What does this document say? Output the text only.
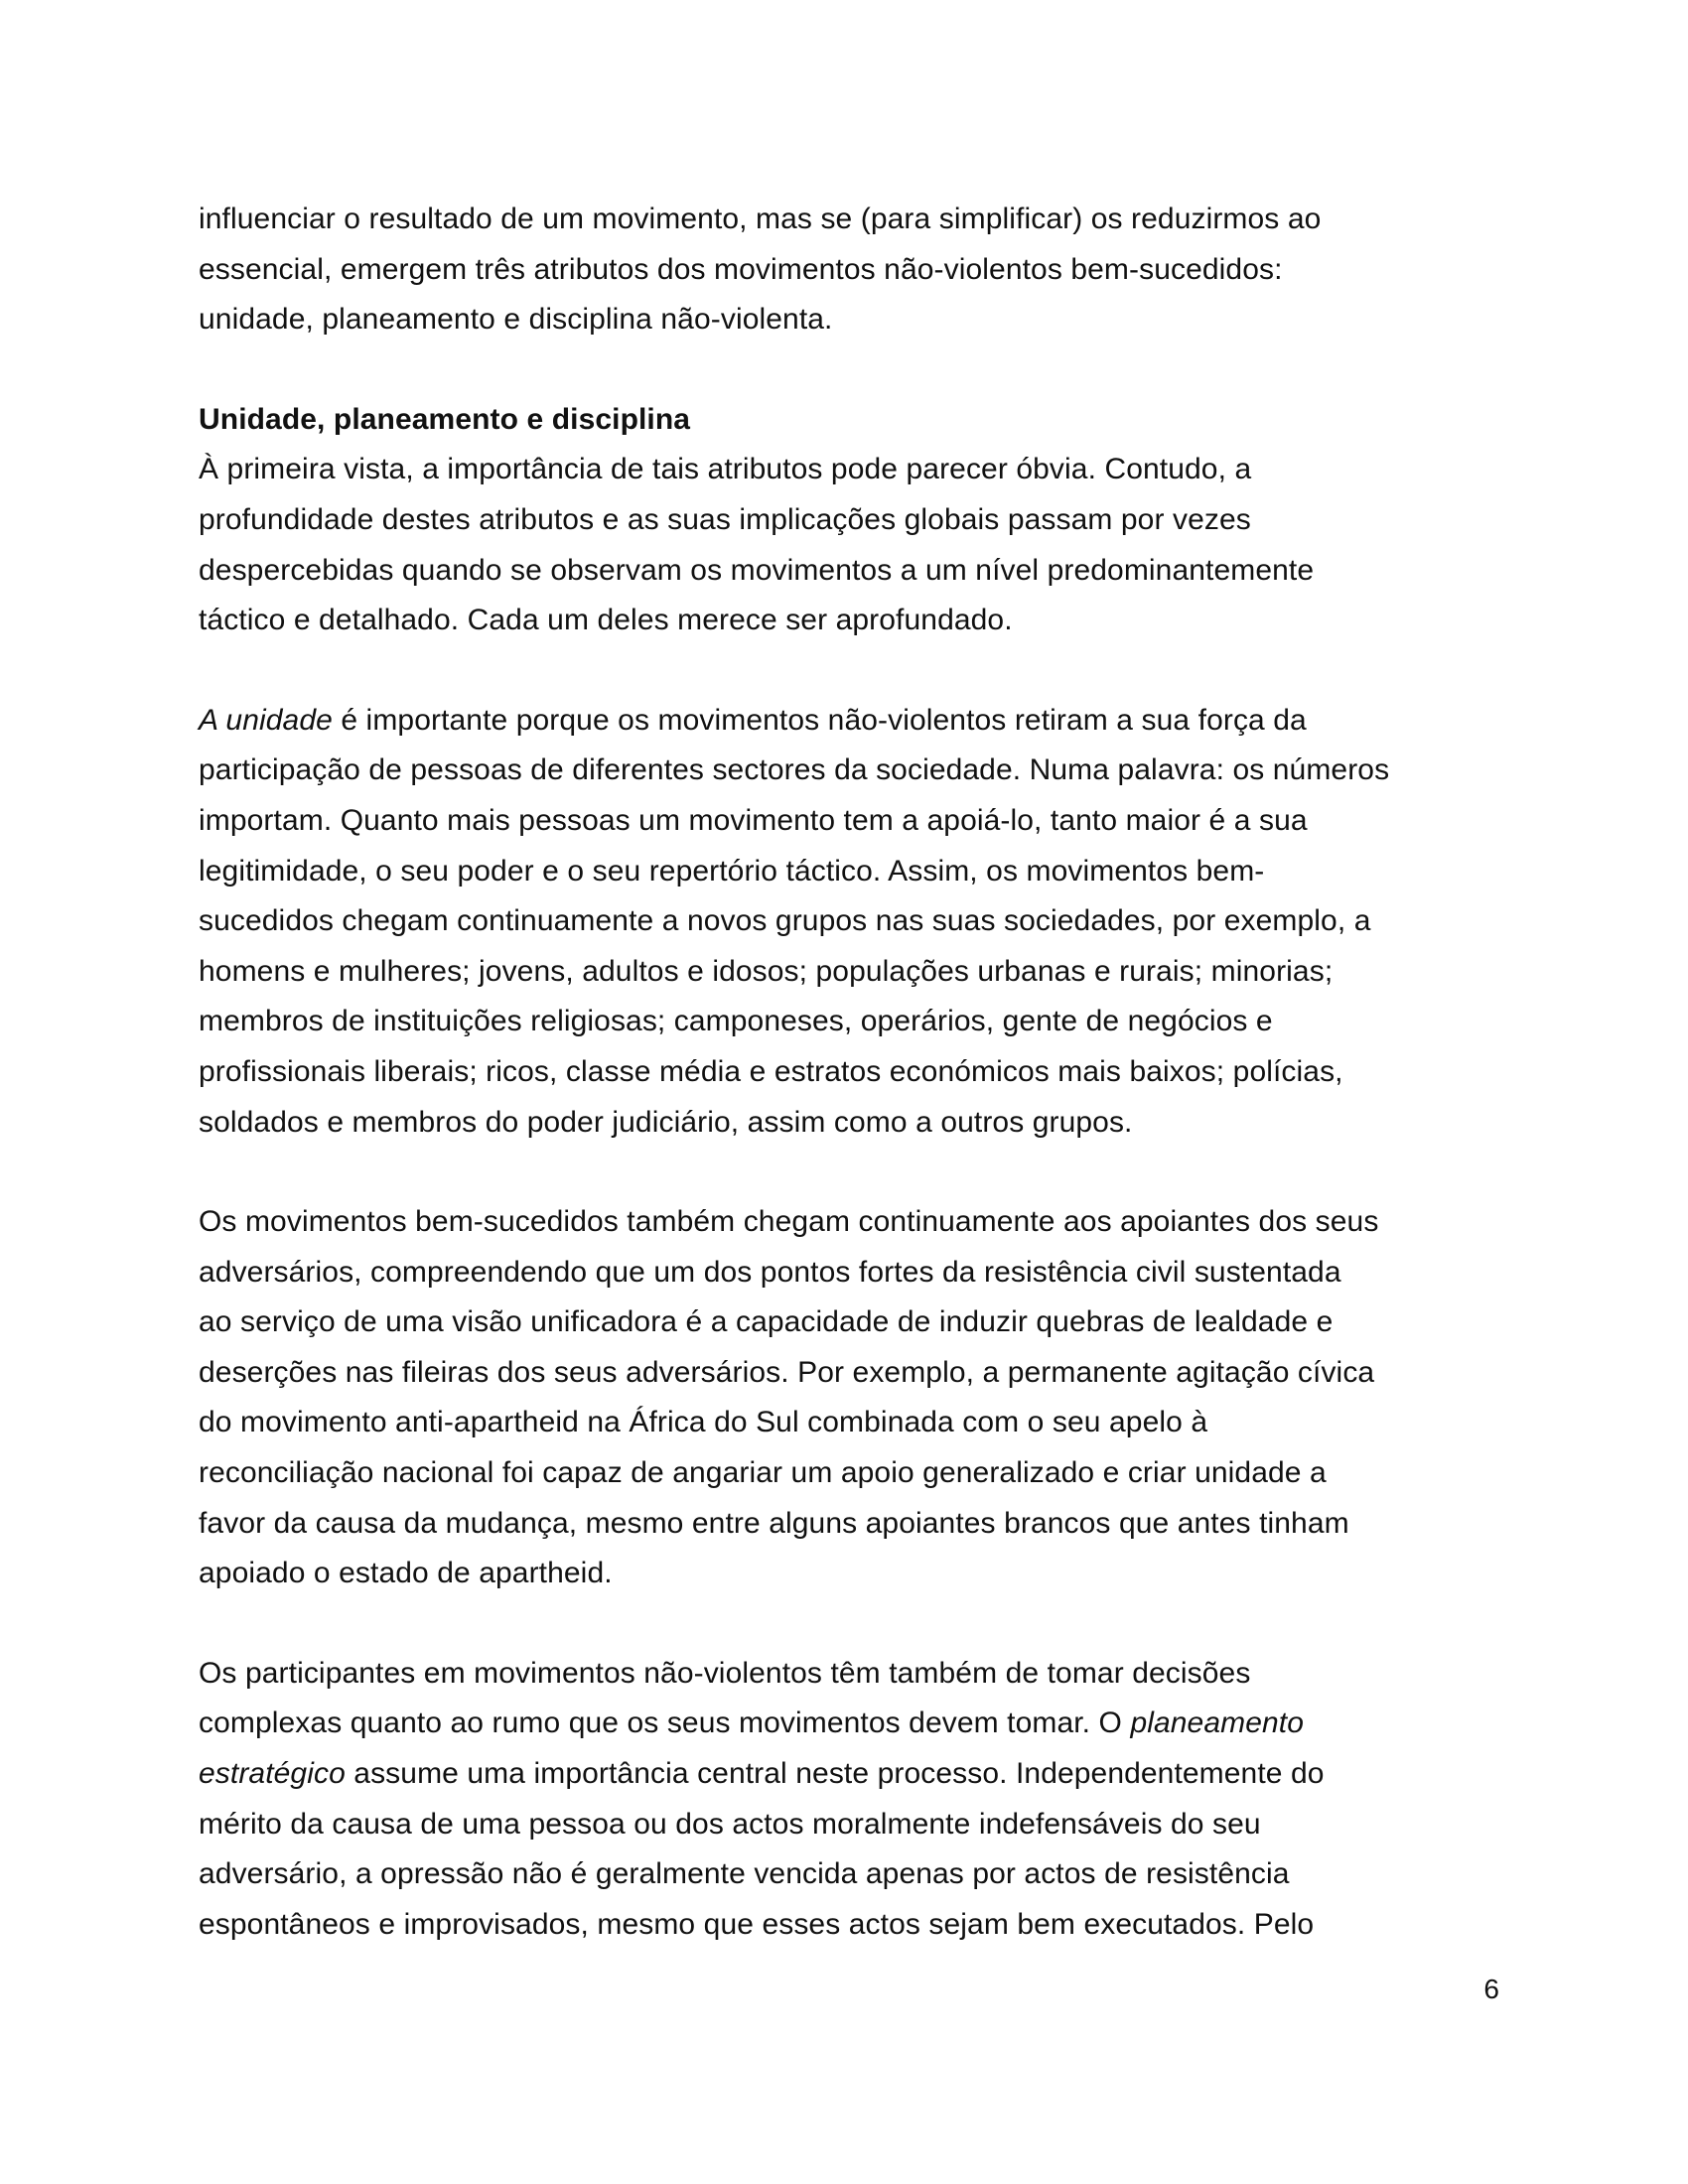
influenciar o resultado de um movimento, mas se (para simplificar) os reduzirmos ao

essencial, emergem três atributos dos movimentos não-violentos bem-sucedidos:

unidade, planeamento e disciplina não-violenta.

Unidade, planeamento e disciplina

À primeira vista, a importância de tais atributos pode parecer óbvia. Contudo, a

profundidade destes atributos e as suas implicações globais passam por vezes

despercebidas quando se observam os movimentos a um nível predominantemente

táctico e detalhado. Cada um deles merece ser aprofundado.

A unidade é importante porque os movimentos não-violentos retiram a sua força da

participação de pessoas de diferentes sectores da sociedade. Numa palavra: os números

importam. Quanto mais pessoas um movimento tem a apoiá-lo, tanto maior é a sua

legitimidade, o seu poder e o seu repertório táctico. Assim, os movimentos bem-

sucedidos chegam continuamente a novos grupos nas suas sociedades, por exemplo, a

homens e mulheres; jovens, adultos e idosos; populações urbanas e rurais; minorias;

membros de instituições religiosas; camponeses, operários, gente de negócios e

profissionais liberais; ricos, classe média e estratos económicos mais baixos; polícias,

soldados e membros do poder judiciário, assim como a outros grupos.

Os movimentos bem-sucedidos também chegam continuamente aos apoiantes dos seus

adversários, compreendendo que um dos pontos fortes da resistência civil sustentada

ao serviço de uma visão unificadora é a capacidade de induzir quebras de lealdade e

deserções nas fileiras dos seus adversários. Por exemplo, a permanente agitação cívica

do movimento anti-apartheid na África do Sul combinada com o seu apelo à

reconciliação nacional foi capaz de angariar um apoio generalizado e criar unidade a

favor da causa da mudança, mesmo entre alguns apoiantes brancos que antes tinham

apoiado o estado de apartheid.

Os participantes em movimentos não-violentos têm também de tomar decisões

complexas quanto ao rumo que os seus movimentos devem tomar. O planeamento

estratégico assume uma importância central neste processo. Independentemente do

mérito da causa de uma pessoa ou dos actos moralmente indefensáveis do seu

adversário, a opressão não é geralmente vencida apenas por actos de resistência

espontâneos e improvisados, mesmo que esses actos sejam bem executados. Pelo

6
